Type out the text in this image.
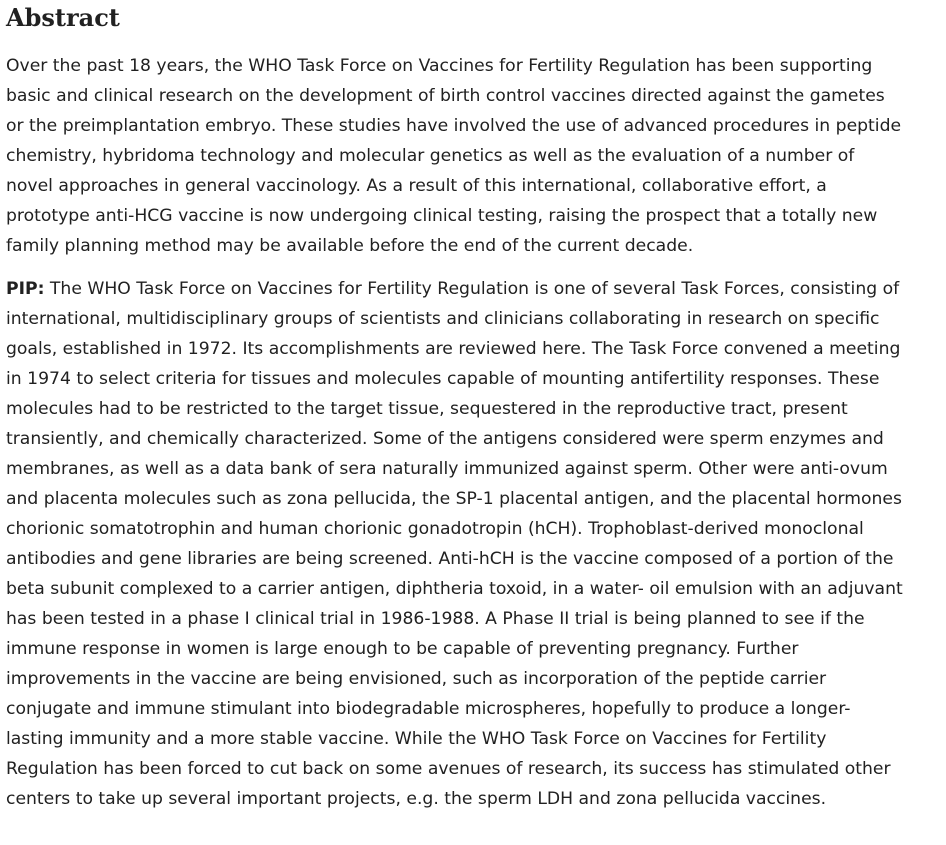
Abstract

Over the past 18 years, the WHO Task Force on Vaccines for Fertility Regulation has been supporting basic and clinical research on the development of birth control vaccines directed against the gametes or the preimplantation embryo. These studies have involved the use of advanced procedures in peptide chemistry, hybridoma technology and molecular genetics as well as the evaluation of a number of novel approaches in general vaccinology. As a result of this international, collaborative effort, a prototype anti-HCG vaccine is now undergoing clinical testing, raising the prospect that a totally new family planning method may be available before the end of the current decade.

PIP: The WHO Task Force on Vaccines for Fertility Regulation is one of several Task Forces, consisting of international, multidisciplinary groups of scientists and clinicians collaborating in research on specific goals, established in 1972. Its accomplishments are reviewed here. The Task Force convened a meeting in 1974 to select criteria for tissues and molecules capable of mounting antifertility responses. These molecules had to be restricted to the target tissue, sequestered in the reproductive tract, present transiently, and chemically characterized. Some of the antigens considered were sperm enzymes and membranes, as well as a data bank of sera naturally immunized against sperm. Other were anti-ovum and placenta molecules such as zona pellucida, the SP-1 placental antigen, and the placental hormones chorionic somatotrophin and human chorionic gonadotropin (hCH). Trophoblast-derived monoclonal antibodies and gene libraries are being screened. Anti-hCH is the vaccine composed of a portion of the beta subunit complexed to a carrier antigen, diphtheria toxoid, in a water- oil emulsion with an adjuvant has been tested in a phase I clinical trial in 1986-1988. A Phase II trial is being planned to see if the immune response in women is large enough to be capable of preventing pregnancy. Further improvements in the vaccine are being envisioned, such as incorporation of the peptide carrier conjugate and immune stimulant into biodegradable microspheres, hopefully to produce a longer-lasting immunity and a more stable vaccine. While the WHO Task Force on Vaccines for Fertility Regulation has been forced to cut back on some avenues of research, its success has stimulated other centers to take up several important projects, e.g. the sperm LDH and zona pellucida vaccines.
